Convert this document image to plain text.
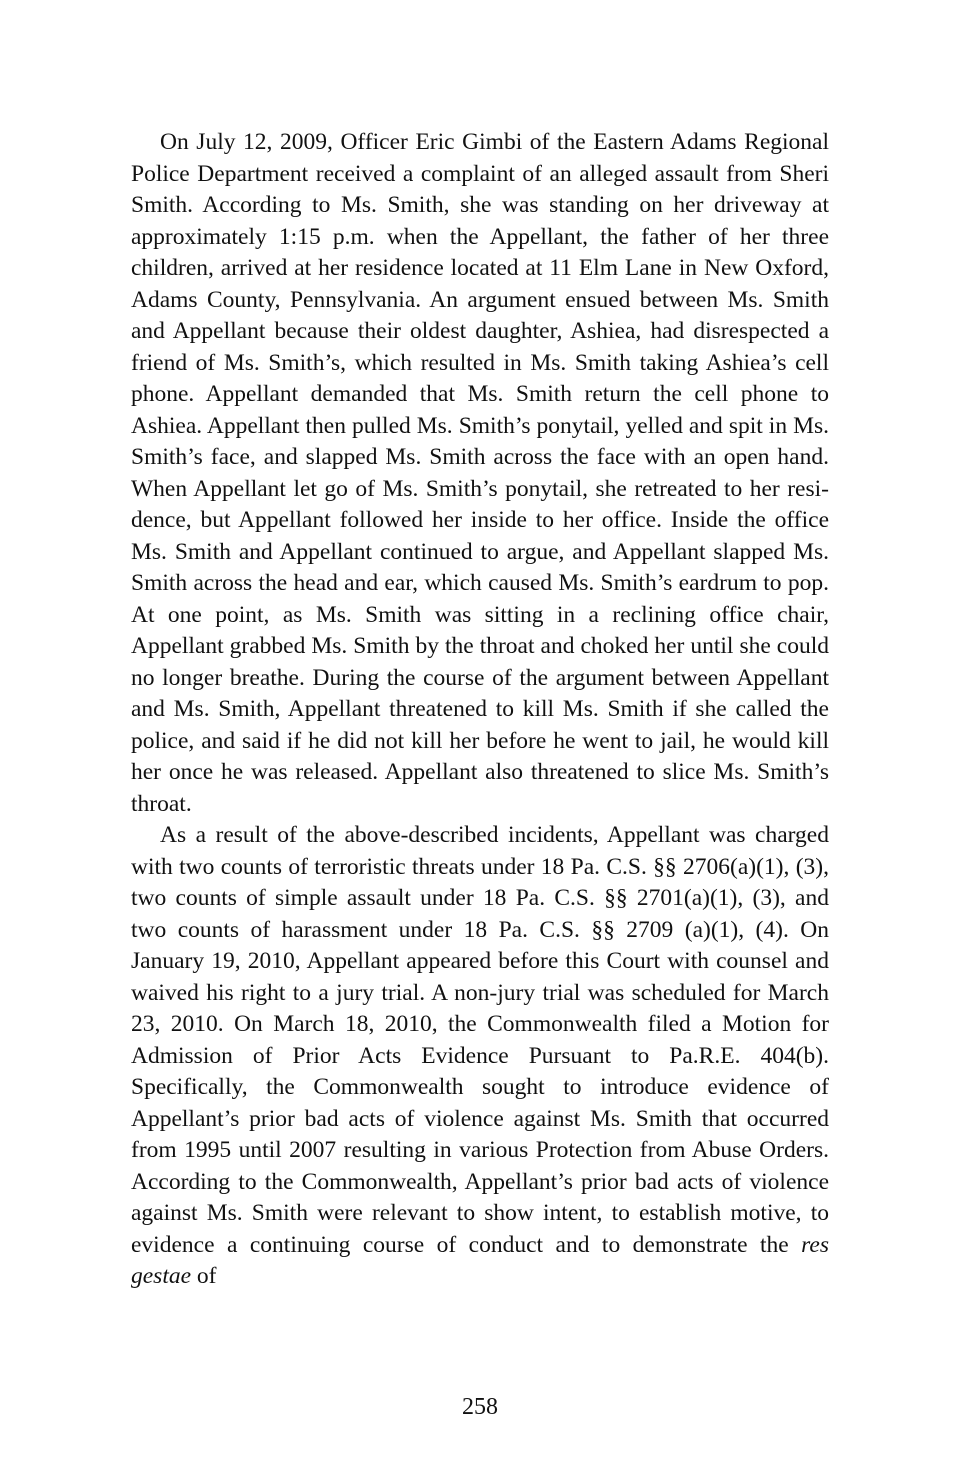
On July 12, 2009, Officer Eric Gimbi of the Eastern Adams Regional Police Department received a complaint of an alleged assault from Sheri Smith. According to Ms. Smith, she was standing on her driveway at approximately 1:15 p.m. when the Appellant, the father of her three children, arrived at her residence located at 11 Elm Lane in New Oxford, Adams County, Pennsylvania. An argument ensued between Ms. Smith and Appellant because their oldest daughter, Ashiea, had disrespected a friend of Ms. Smith’s, which resulted in Ms. Smith taking Ashiea’s cell phone. Appellant demanded that Ms. Smith return the cell phone to Ashiea. Appellant then pulled Ms. Smith’s ponytail, yelled and spit in Ms. Smith’s face, and slapped Ms. Smith across the face with an open hand. When Appellant let go of Ms. Smith’s ponytail, she retreated to her residence, but Appellant followed her inside to her office. Inside the office Ms. Smith and Appellant continued to argue, and Appellant slapped Ms. Smith across the head and ear, which caused Ms. Smith’s eardrum to pop. At one point, as Ms. Smith was sitting in a reclining office chair, Appellant grabbed Ms. Smith by the throat and choked her until she could no longer breathe. During the course of the argument between Appellant and Ms. Smith, Appellant threatened to kill Ms. Smith if she called the police, and said if he did not kill her before he went to jail, he would kill her once he was released. Appellant also threatened to slice Ms. Smith’s throat.

As a result of the above-described incidents, Appellant was charged with two counts of terroristic threats under 18 Pa. C.S. §§ 2706(a)(1), (3), two counts of simple assault under 18 Pa. C.S. §§ 2701(a)(1), (3), and two counts of harassment under 18 Pa. C.S. §§ 2709 (a)(1), (4). On January 19, 2010, Appellant appeared before this Court with counsel and waived his right to a jury trial. A non-jury trial was scheduled for March 23, 2010. On March 18, 2010, the Commonwealth filed a Motion for Admission of Prior Acts Evidence Pursuant to Pa.R.E. 404(b). Specifically, the Commonwealth sought to introduce evidence of Appellant’s prior bad acts of violence against Ms. Smith that occurred from 1995 until 2007 resulting in various Protection from Abuse Orders. According to the Commonwealth, Appellant’s prior bad acts of violence against Ms. Smith were relevant to show intent, to establish motive, to evidence a continuing course of conduct and to demonstrate the res gestae of

258
